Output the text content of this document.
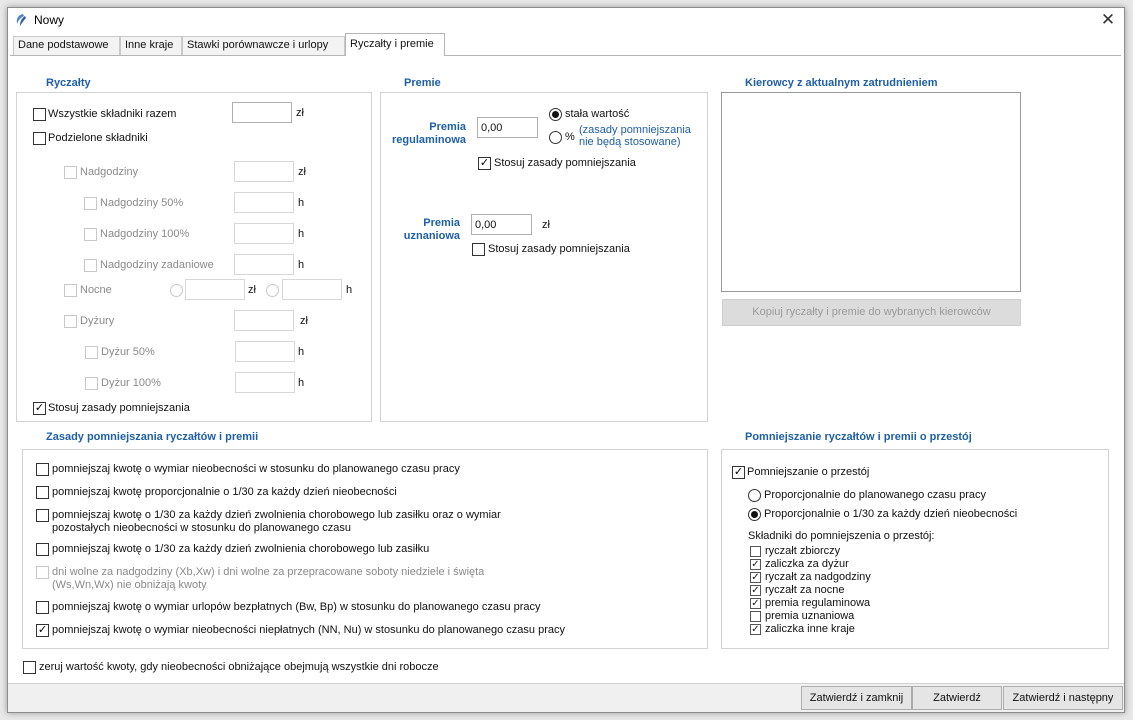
Nowy	✕
Dane podstawowe	Inne kraje	Stawki porównawcze i urlopy	Ryczałty i premie
Ryczałty
Wszystkie składniki razem	zł
Podzielone składniki
Nadgodziny	zł
Nadgodziny 50%	h
Nadgodziny 100%	h
Nadgodziny zadaniowe	h
Nocne	zł	h
Dyżury	zł
Dyżur 50%	h
Dyżur 100%	h
✓ Stosuj zasady pomniejszania
Premie
Premia regulaminowa
0,00
stała wartość
%
(zasady pomniejszania nie będą stosowane)
✓ Stosuj zasady pomniejszania
Premia uznaniowa
0,00
zł
Stosuj zasady pomniejszania
Kierowcy z aktualnym zatrudnieniem
Kopiuj ryczałty i premie do wybranych kierowców
Zasady pomniejszania ryczałtów i premii
pomniejszaj kwotę o wymiar nieobecności w stosunku do planowanego czasu pracy
pomniejszaj kwotę proporcjonalnie o 1/30 za każdy dzień nieobecności
pomniejszaj kwotę o 1/30 za każdy dzień zwolnienia chorobowego lub zasiłku oraz o wymiar
pozostałych nieobecności w stosunku do planowanego czasu
pomniejszaj kwotę o 1/30 za każdy dzień zwolnienia chorobowego lub zasiłku
dni wolne za nadgodziny (Xb,Xw) i dni wolne za przepracowane soboty niedziele i święta
(Ws,Wn,Wx) nie obniżają kwoty
pomniejszaj kwotę o wymiar urlopów bezpłatnych (Bw, Bp) w stosunku do planowanego czasu pracy
✓ pomniejszaj kwotę o wymiar nieobecności niepłatnych (NN, Nu) w stosunku do planowanego czasu pracy
Pomniejszanie ryczałtów i premii o przestój
✓ Pomniejszanie o przestój
Proporcjonalnie do planowanego czasu pracy
Proporcjonalnie o 1/30 za każdy dzień nieobecności
Składniki do pomniejszenia o przestój:
ryczałt zbiorczy
✓ zaliczka za dyżur
✓ ryczałt za nadgodziny
✓ ryczałt za nocne
✓ premia regulaminowa
premia uznaniowa
✓ zaliczka inne kraje
zeruj wartość kwoty, gdy nieobecności obniżające obejmują wszystkie dni robocze
Zatwierdź i zamknij	Zatwierdź	Zatwierdź i następny
